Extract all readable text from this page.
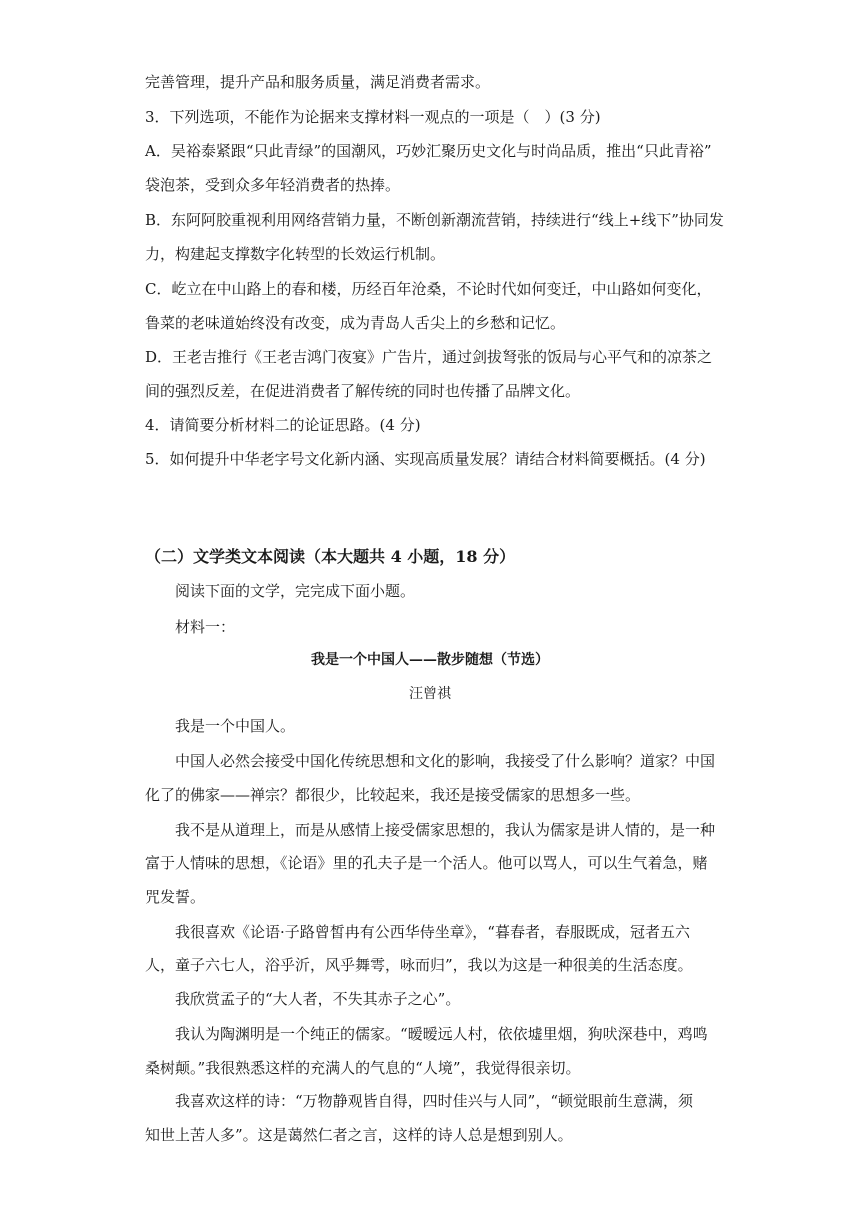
完善管理，提升产品和服务质量，满足消费者需求。
3．下列选项，不能作为论据来支撑材料一观点的一项是（　）(3 分)
A．吴裕泰紧跟“只此青绿”的国潮风，巧妙汇聚历史文化与时尚品质，推出“只此青裕”
袋泡茶，受到众多年轻消费者的热捧。
B．东阿阿胶重视利用网络营销力量，不断创新潮流营销，持续进行“线上+线下”协同发
力，构建起支撑数字化转型的长效运行机制。
C．屹立在中山路上的春和楼，历经百年沧桑，不论时代如何变迁，中山路如何变化，
鲁菜的老味道始终没有改变，成为青岛人舌尖上的乡愁和记忆。
D．王老吉推行《王老吉鸿门夜宴》广告片，通过剑拔弩张的饭局与心平气和的凉茶之
间的强烈反差，在促进消费者了解传统的同时也传播了品牌文化。
4．请简要分析材料二的论证思路。(4 分)
5．如何提升中华老字号文化新内涵、实现高质量发展？请结合材料简要概括。(4 分)
（二）文学类文本阅读（本大题共 4 小题，18 分）
阅读下面的文学，完完成下面小题。
材料一：
我是一个中国人——散步随想（节选）
汪曾祺
我是一个中国人。
中国人必然会接受中国化传统思想和文化的影响，我接受了什么影响？道家？中国
化了的佛家——禅宗？都很少，比较起来，我还是接受儒家的思想多一些。
我不是从道理上，而是从感情上接受儒家思想的，我认为儒家是讲人情的，是一种
富于人情味的思想，《论语》里的孔夫子是一个活人。他可以骂人，可以生气着急，赌
咒发誓。
我很喜欢《论语·子路曾皙冉有公西华侍坐章》，“暮春者，春服既成，冠者五六
人，童子六七人，浴乎沂，风乎舞雩，咏而归”，我以为这是一种很美的生活态度。
我欣赏孟子的“大人者，不失其赤子之心”。
我认为陶渊明是一个纯正的儒家。“暧暧远人村，依依墟里烟，狗吠深巷中，鸡鸣
桑树颠。”我很熟悉这样的充满人的气息的“人境”，我觉得很亲切。
我喜欢这样的诗：“万物静观皆自得，四时佳兴与人同”，“顿觉眼前生意满，须
知世上苦人多”。这是蔼然仁者之言，这样的诗人总是想到别人。
